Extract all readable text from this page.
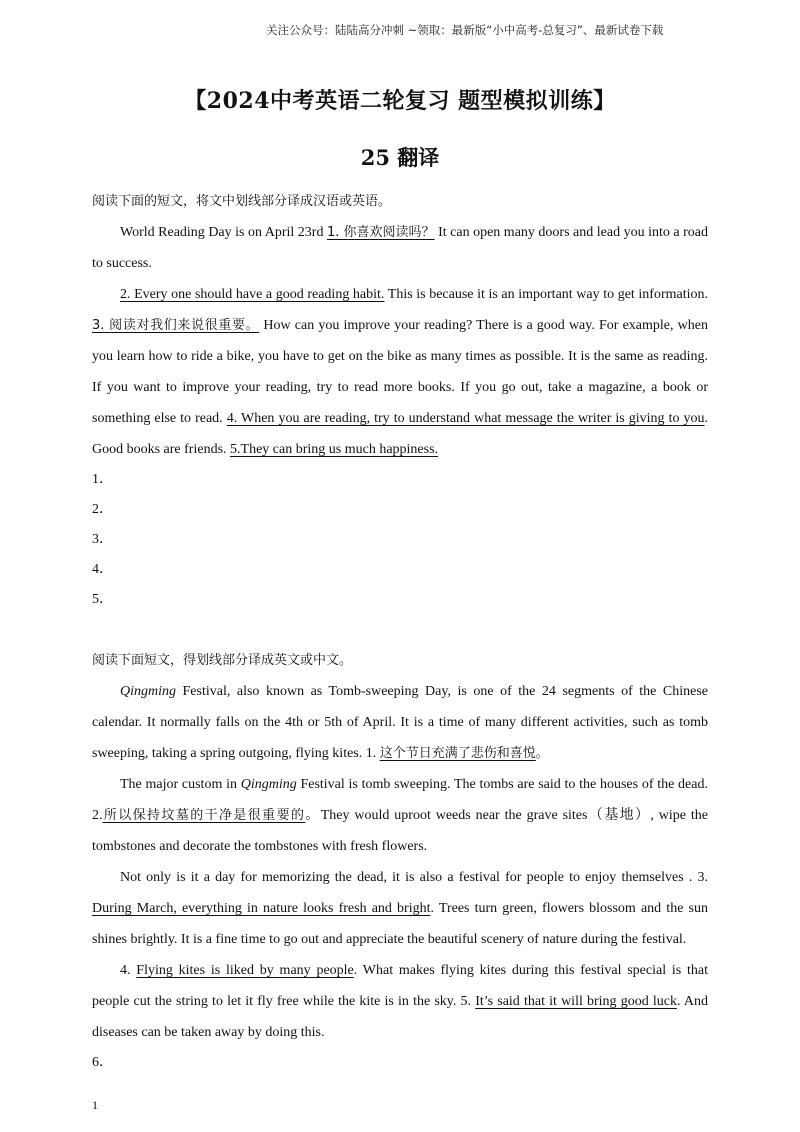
关注公众号：陆陆高分冲刺 ~领取：最新版“小中高考-总复习”、最新试卷下载
【2024中考英语二轮复习 题型模拟训练】
25 翻译

阅读下面的短文，将文中划线部分译成汉语或英语。

World Reading Day is on April 23rd 1. 你喜欢阅读吗？ It can open many doors and lead you into a road to success.

2. Every one should have a good reading habit. This is because it is an important way to get information. 3. 阅读对我们来说很重要。 How can you improve your reading? There is a good way. For example, when you learn how to ride a bike, you have to get on the bike as many times as possible. It is the same as reading. If you want to improve your reading, try to read more books. If you go out, take a magazine, a book or something else to read. 4. When you are reading, try to understand what message the writer is giving to you. Good books are friends. 5.They can bring us much happiness.

1．
2．
3．
4．
5．

阅读下面短文，得划线部分译成英文或中文。

Qingming Festival, also known as Tomb-sweeping Day, is one of the 24 segments of the Chinese calendar. It normally falls on the 4th or 5th of April. It is a time of many different activities, such as tomb sweeping, taking a spring outgoing, flying kites. 1. 这个节日充满了悲伤和喜悦。

The major custom in Qingming Festival is tomb sweeping. The tombs are said to the houses of the dead. 2.所以保持坟墓的干净是很重要的。They would uproot weeds near the grave sites（基地）, wipe the tombstones and decorate the tombstones with fresh flowers.

Not only is it a day for memorizing the dead, it is also a festival for people to enjoy themselves . 3. During March, everything in nature looks fresh and bright. Trees turn green, flowers blossom and the sun shines brightly. It is a fine time to go out and appreciate the beautiful scenery of nature during the festival.

4. Flying kites is liked by many people. What makes flying kites during this festival special is that people cut the string to let it fly free while the kite is in the sky. 5. It’s said that it will bring good luck. And diseases can be taken away by doing this.

6．
1
